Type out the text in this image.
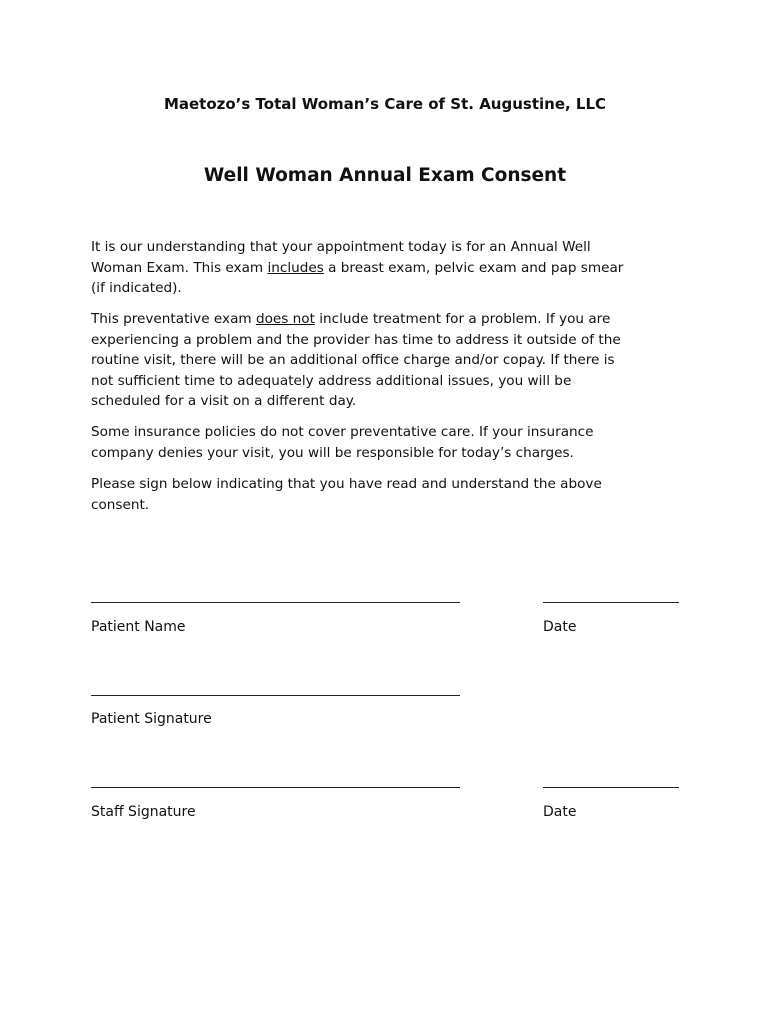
Maetozo’s Total Woman’s Care of St. Augustine, LLC
Well Woman Annual Exam Consent

It is our understanding that your appointment today is for an Annual Well
Woman Exam. This exam includes a breast exam, pelvic exam and pap smear
(if indicated).

This preventative exam does not include treatment for a problem. If you are
experiencing a problem and the provider has time to address it outside of the
routine visit, there will be an additional office charge and/or copay. If there is
not sufficient time to adequately address additional issues, you will be
scheduled for a visit on a different day.

Some insurance policies do not cover preventative care. If your insurance
company denies your visit, you will be responsible for today’s charges.

Please sign below indicating that you have read and understand the above
consent.

Patient Name	Date
Patient Signature
Staff Signature	Date
